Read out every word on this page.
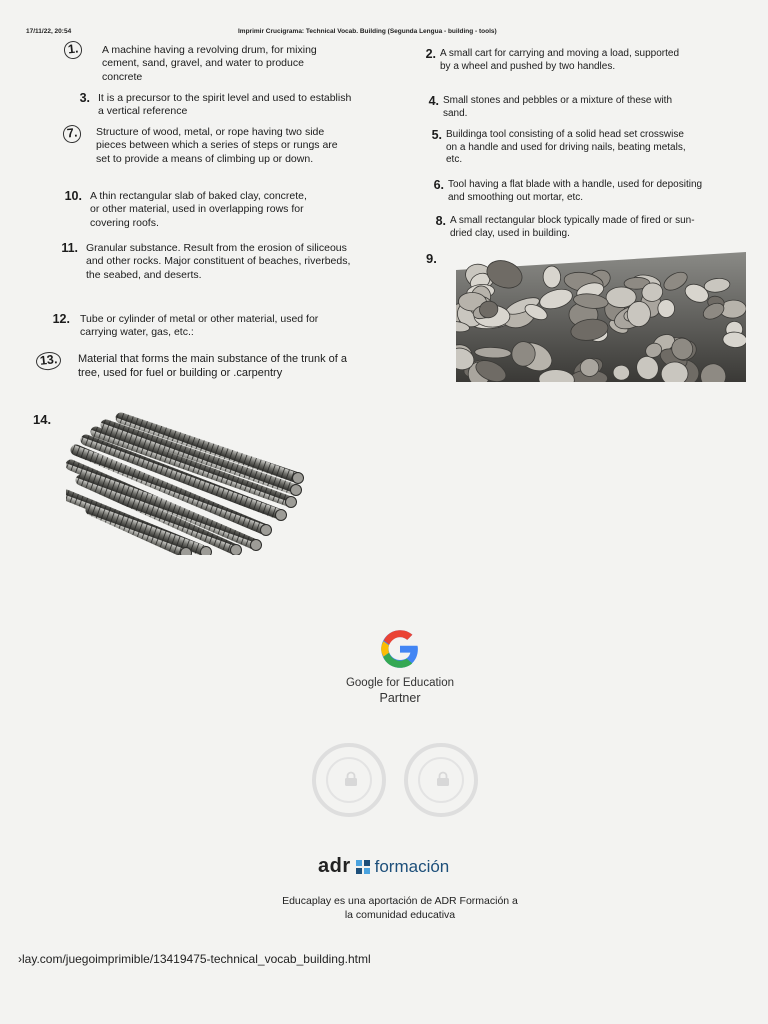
17/11/22, 20:54	Imprimir Crucigrama: Technical Vocab. Building (Segunda Lengua - building - tools)
1.	A machine having a revolving drum, for mixing cement, sand, gravel, and water to produce concrete
3. It is a precursor to the spirit level and used to establish a vertical reference
7.	Structure of wood, metal, or rope having two side pieces between which a series of steps or rungs are set to provide a means of climbing up or down.
10. A thin rectangular slab of baked clay, concrete, or other material, used in overlapping rows for covering roofs.
11. Granular substance. Result from the erosion of siliceous and other rocks. Major constituent of beaches, riverbeds, the seabed, and deserts.
12. Tube or cylinder of metal or other material, used for carrying water, gas, etc.:
13.	Material that forms the main substance of the trunk of a tree, used for fuel or building or .carpentry
2. A small cart for carrying and moving a load, supported by a wheel and pushed by two handles.
4. Small stones and pebbles or a mixture of these with sand.
5. Buildinga tool consisting of a solid head set crosswise on a handle and used for driving nails, beating metals, etc.
6. Tool having a flat blade with a handle, used for depositing and smoothing out mortar, etc.
8. A small rectangular block typically made of fired or sun-dried clay, used in building.
9.
14.
Google for Education
Partner
adr formación
Educaplay es una aportación de ADR Formación a
la comunidad educativa
›lay.com/juegoimprimible/13419475-technical_vocab_building.html
